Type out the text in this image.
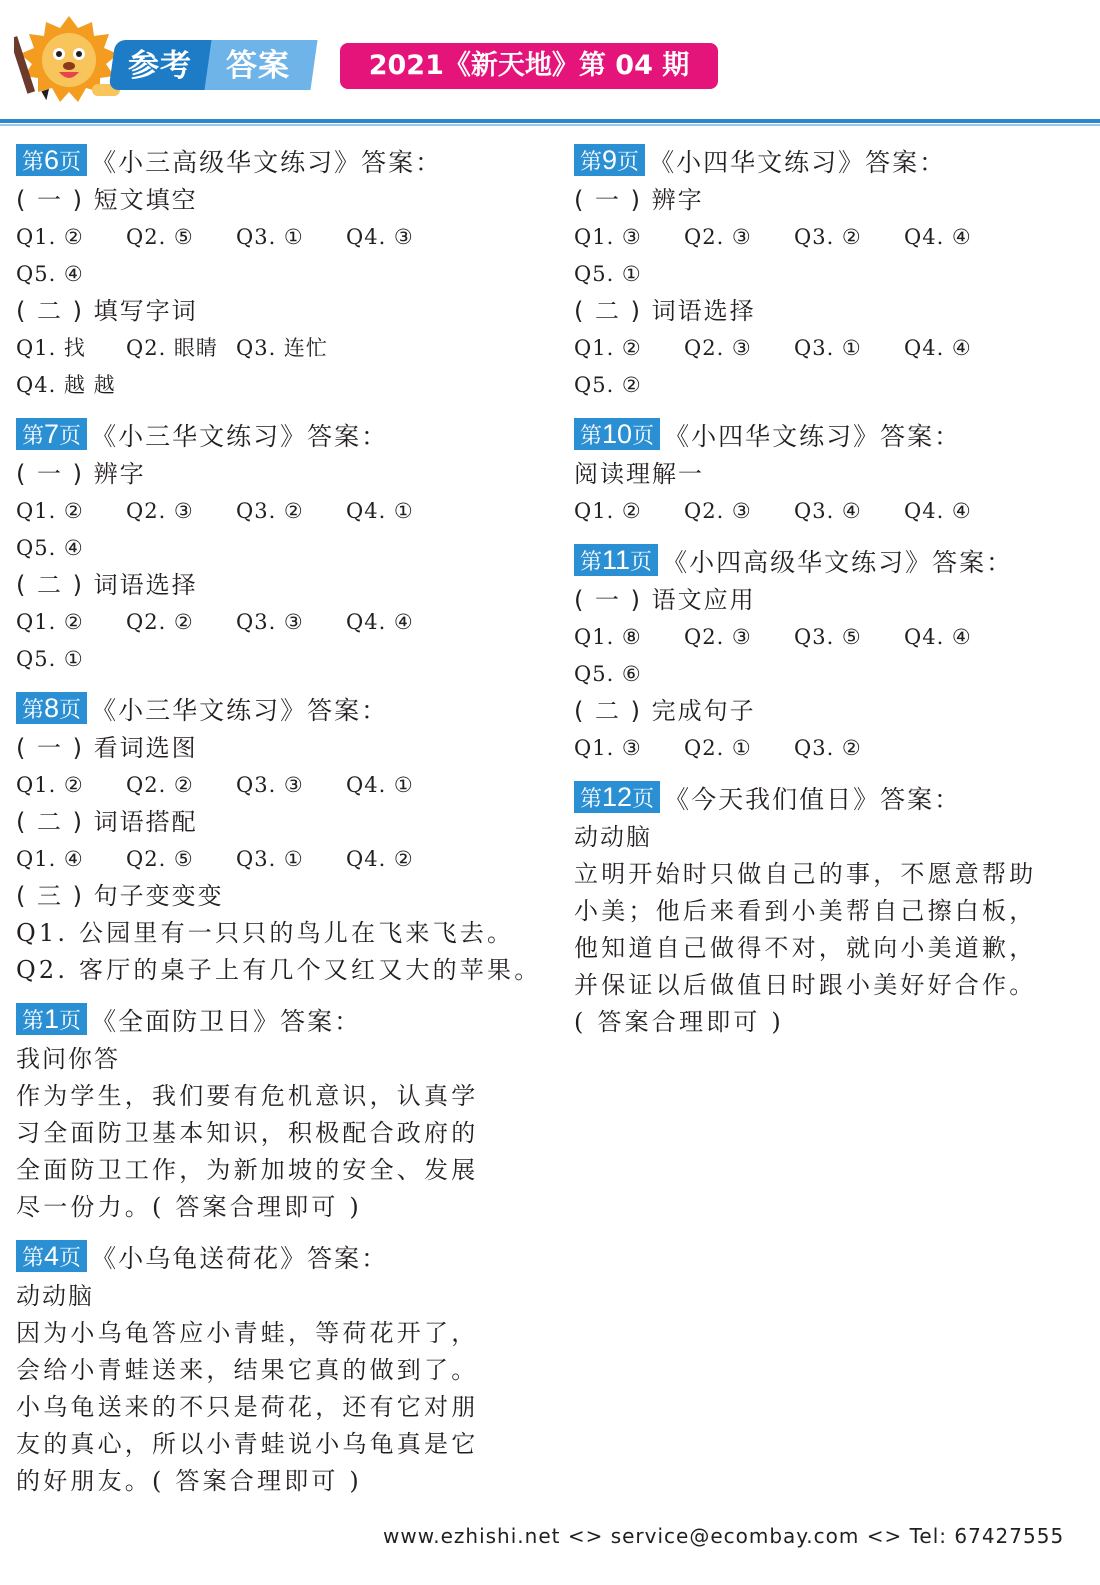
参考 答案	2021《新天地》第 04 期
第6页 《小三高级华文练习》答案：
( 一 ) 短文填空
Q1. ② Q2. ⑤ Q3. ① Q4. ③
Q5. ④
( 二 ) 填写字词
Q1. 找 Q2. 眼睛 Q3. 连忙
Q4. 越 越
第7页 《小三华文练习》答案：
( 一 ) 辨字
Q1. ② Q2. ③ Q3. ② Q4. ①
Q5. ④
( 二 ) 词语选择
Q1. ② Q2. ② Q3. ③ Q4. ④
Q5. ①
第8页 《小三华文练习》答案：
( 一 ) 看词选图
Q1. ② Q2. ② Q3. ③ Q4. ①
( 二 ) 词语搭配
Q1. ④ Q2. ⑤ Q3. ① Q4. ②
( 三 ) 句子变变变
Q1. 公园里有一只只的鸟儿在飞来飞去。
Q2. 客厅的桌子上有几个又红又大的苹果。
第1页 《全面防卫日》答案：
我问你答
作为学生，我们要有危机意识，认真学
习全面防卫基本知识，积极配合政府的
全面防卫工作，为新加坡的安全、发展
尽一份力。( 答案合理即可 )
第4页 《小乌龟送荷花》答案：
动动脑
因为小乌龟答应小青蛙，等荷花开了，
会给小青蛙送来，结果它真的做到了。
小乌龟送来的不只是荷花，还有它对朋
友的真心，所以小青蛙说小乌龟真是它
的好朋友。( 答案合理即可 )
第9页 《小四华文练习》答案：
( 一 ) 辨字
Q1. ③ Q2. ③ Q3. ② Q4. ④
Q5. ①
( 二 ) 词语选择
Q1. ② Q2. ③ Q3. ① Q4. ④
Q5. ②
第10页 《小四华文练习》答案：
阅读理解一
Q1. ② Q2. ③ Q3. ④ Q4. ④
第11页 《小四高级华文练习》答案：
( 一 ) 语文应用
Q1. ⑧ Q2. ③ Q3. ⑤ Q4. ④
Q5. ⑥
( 二 ) 完成句子
Q1. ③ Q2. ① Q3. ②
第12页 《今天我们值日》答案：
动动脑
立明开始时只做自己的事，不愿意帮助
小美；他后来看到小美帮自己擦白板，
他知道自己做得不对，就向小美道歉，
并保证以后做值日时跟小美好好合作。
( 答案合理即可 )
www.ezhishi.net <> service@ecombay.com <> Tel: 67427555
